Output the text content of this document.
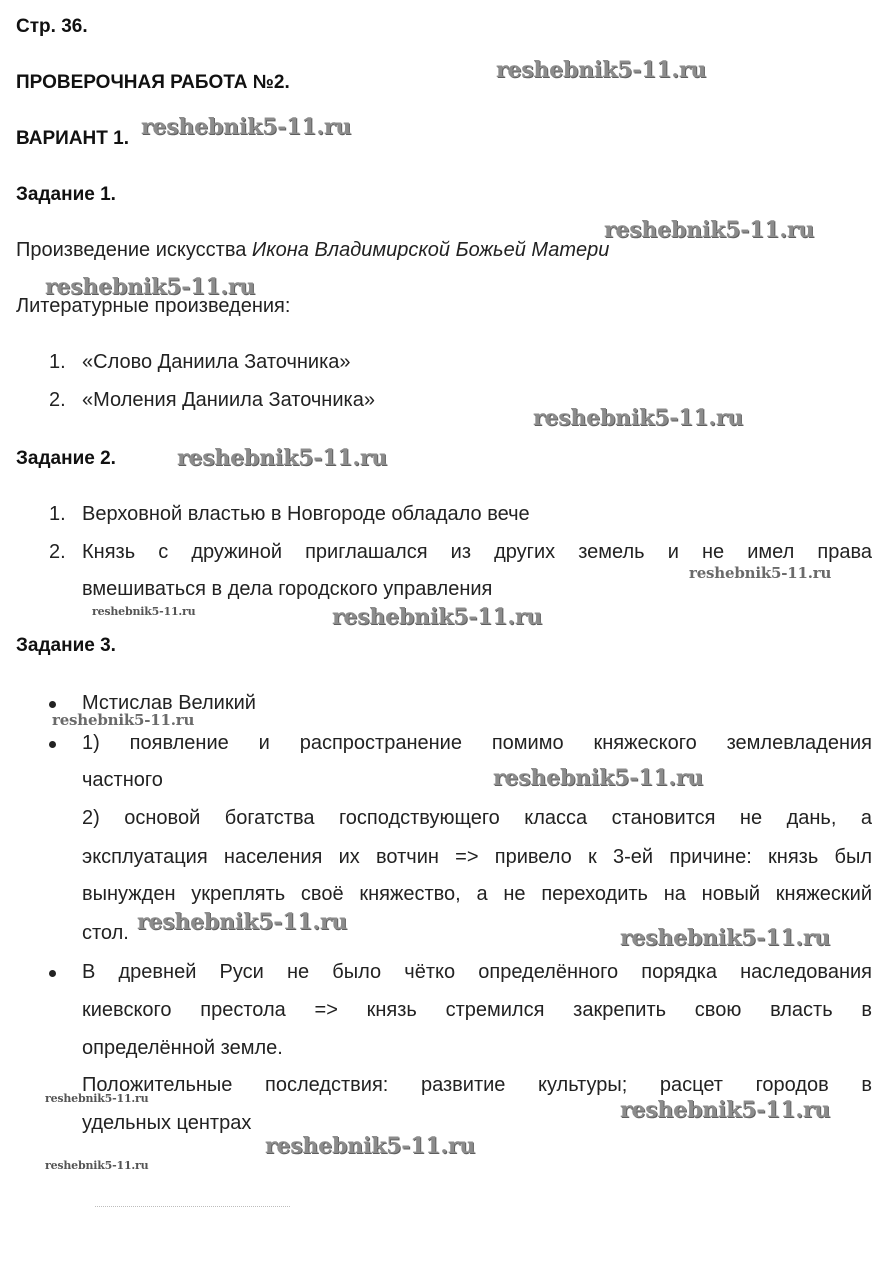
Стр. 36.
ПРОВЕРОЧНАЯ РАБОТА №2.
ВАРИАНТ 1.
Задание 1.
Произведение искусства Икона Владимирской Божьей Матери
Литературные произведения:
1. «Слово Даниила Заточника»
2. «Моления Даниила Заточника»
Задание 2.
1. Верховной властью в Новгороде обладало вече
2. Князь с дружиной приглашался из других земель и не имел права
вмешиваться в дела городского управления
Задание 3.
Мстислав Великий
1) появление и распространение помимо княжеского землевладения
частного
2) основой богатства господствующего класса становится не дань, а
эксплуатация населения их вотчин => привело к 3-ей причине: князь был
вынужден укреплять своё княжество, а не переходить на новый княжеский
стол.
В древней Руси не было чётко определённого порядка наследования
киевского престола => князь стремился закрепить свою власть в
определённой земле.
Положительные последствия: развитие культуры; расцет городов в
удельных центрах
reshebnik5-11.ru
reshebnik5-11.ru
reshebnik5-11.ru
reshebnik5-11.ru
reshebnik5-11.ru
reshebnik5-11.ru
reshebnik5-11.ru
reshebnik5-11.ru	reshebnik5-11.ru
reshebnik5-11.ru
reshebnik5-11.ru
reshebnik5-11.ru
reshebnik5-11.ru
reshebnik5-11.ru	reshebnik5-11.ru
reshebnik5-11.ru
reshebnik5-11.ru
